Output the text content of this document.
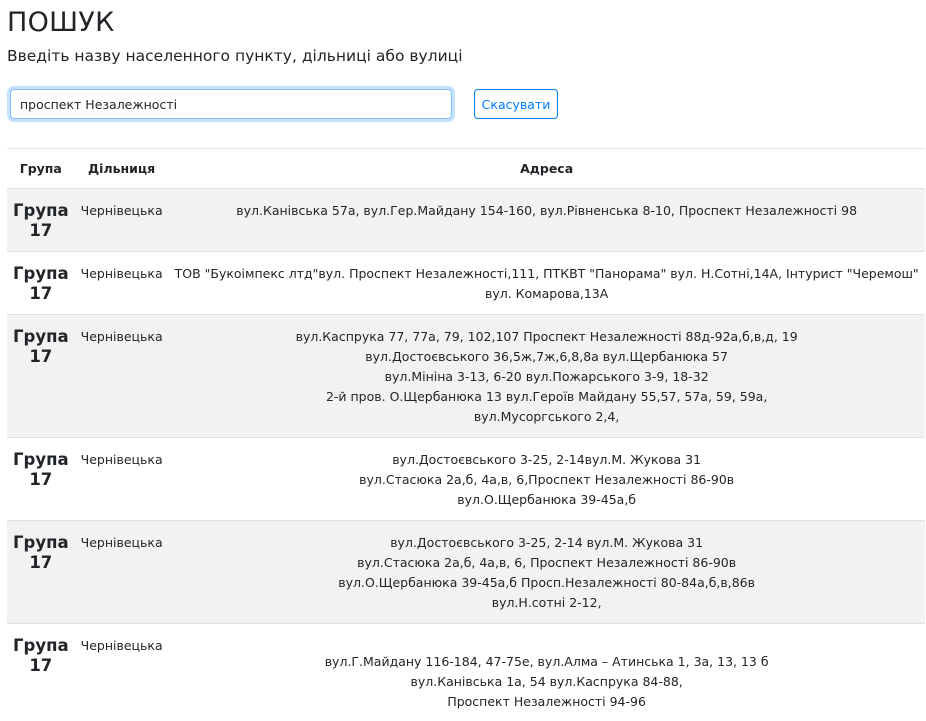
ПОШУК

Введіть назву населенного пункту, дільниці або вулиці

проспект Незалежності
Скасувати
Група	Дільниця	Адреса

Група
17	Чернівецька	вул.Канівська 57а, вул.Гер.Майдану 154-160, вул.Рівненська 8-10, Проспект Незалежності 98

Група
17	Чернівецька	ТОВ "Букоімпекс лтд"вул. Проспект Незалежності,111, ПТКВТ "Панорама" вул. Н.Сотні,14А, Інтурист "Черемош"
вул. Комарова,13А

Група
17	Чернівецька	вул.Каспрука 77, 77а, 79, 102,107 Проспект Незалежності 88д-92а,б,в,д, 19
вул.Достоєвського 36,5ж,7ж,6,8,8а вул.Щербанюка 57
вул.Мініна 3-13, 6-20 вул.Пожарського 3-9, 18-32
2-й пров. О.Щербанюка 13 вул.Героїв Майдану 55,57, 57а, 59, 59а,
вул.Мусоргського 2,4,

Група
17	Чернівецька	вул.Достоєвського 3-25, 2-14вул.М. Жукова 31
вул.Стасюка 2а,б, 4а,в, 6,Проспект Незалежності 86-90в
вул.О.Щербанюка 39-45а,б

Група
17	Чернівецька	вул.Достоєвського 3-25, 2-14 вул.М. Жукова 31
вул.Стасюка 2а,б, 4а,в, 6, Проспект Незалежності 86-90в
вул.О.Щербанюка 39-45а,б Просп.Незалежності 80-84а,б,в,86в
вул.Н.сотні 2-12,

Група
17	Чернівецька	вул.Г.Майдану 116-184, 47-75е, вул.Алма – Атинська 1, 3а, 13, 13 б
вул.Канівська 1а, 54 вул.Каспрука 84-88,
Проспект Незалежності 94-96
